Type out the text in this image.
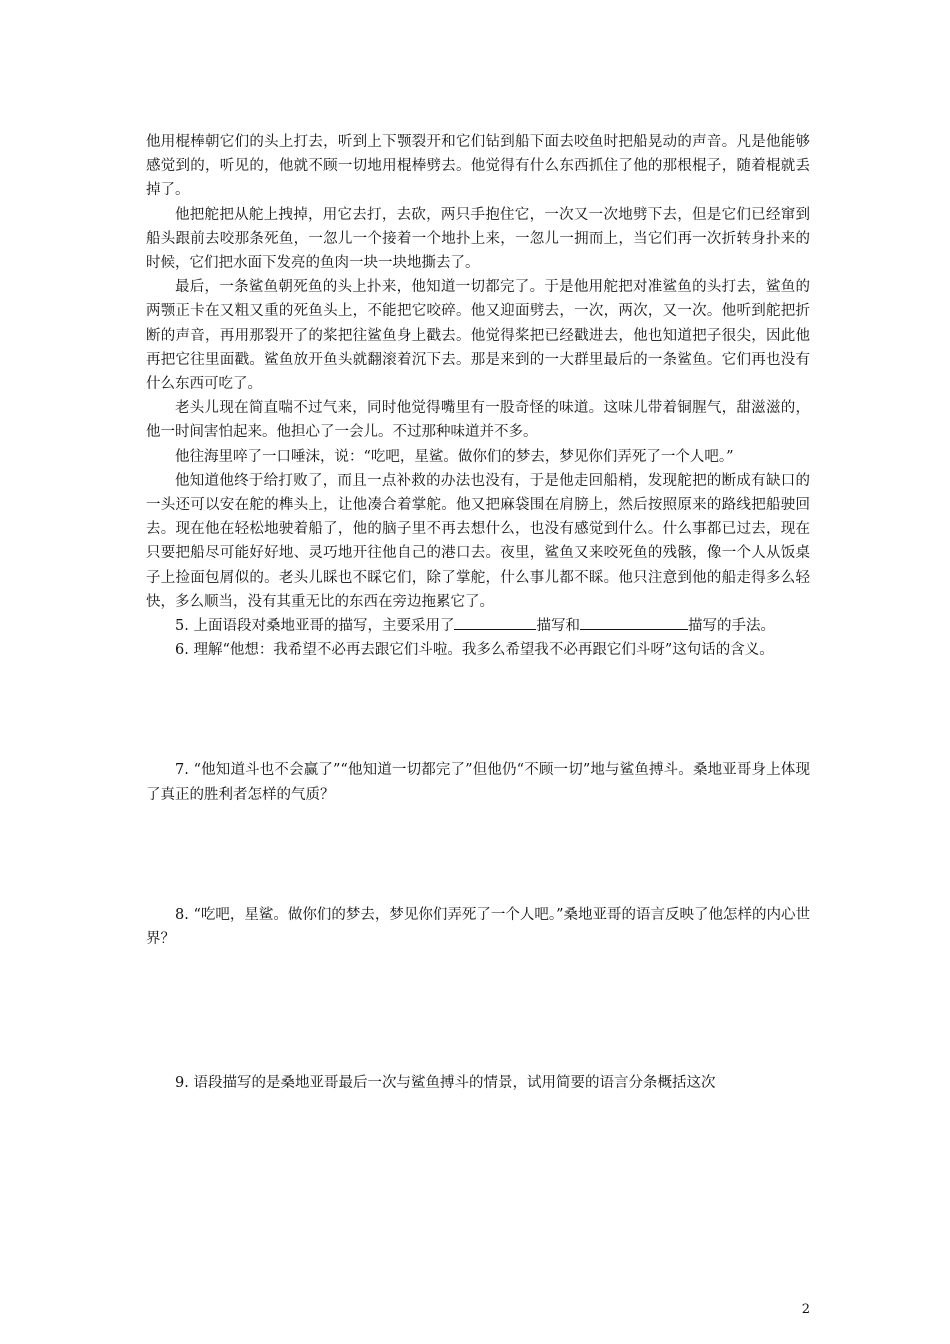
他用棍棒朝它们的头上打去，听到上下颚裂开和它们钻到船下面去咬鱼时把船晃动的声音。凡是他能够感觉到的，听见的，他就不顾一切地用棍棒劈去。他觉得有什么东西抓住了他的那根棍子，随着棍就丢掉了。

他把舵把从舵上拽掉，用它去打，去砍，两只手抱住它，一次又一次地劈下去，但是它们已经窜到船头跟前去咬那条死鱼，一忽儿一个接着一个地扑上来，一忽儿一拥而上，当它们再一次折转身扑来的时候，它们把水面下发亮的鱼肉一块一块地撕去了。

最后，一条鲨鱼朝死鱼的头上扑来，他知道一切都完了。于是他用舵把对准鲨鱼的头打去，鲨鱼的两颚正卡在又粗又重的死鱼头上，不能把它咬碎。他又迎面劈去，一次，两次，又一次。他听到舵把折断的声音，再用那裂开了的桨把往鲨鱼身上戳去。他觉得桨把已经戳进去，他也知道把子很尖，因此他再把它往里面戳。鲨鱼放开鱼头就翻滚着沉下去。那是来到的一大群里最后的一条鲨鱼。它们再也没有什么东西可吃了。

老头儿现在简直喘不过气来，同时他觉得嘴里有一股奇怪的味道。这味儿带着铜腥气，甜滋滋的，他一时间害怕起来。他担心了一会儿。不过那种味道并不多。

他往海里啐了一口唾沫，说：“吃吧，星鲨。做你们的梦去，梦见你们弄死了一个人吧。”

他知道他终于给打败了，而且一点补救的办法也没有，于是他走回船梢，发现舵把的断成有缺口的一头还可以安在舵的榫头上，让他凑合着掌舵。他又把麻袋围在肩膀上，然后按照原来的路线把船驶回去。现在他在轻松地驶着船了，他的脑子里不再去想什么，也没有感觉到什么。什么事都已过去，现在只要把船尽可能好好地、灵巧地开往他自己的港口去。夜里，鲨鱼又来咬死鱼的残骸，像一个人从饭桌子上捡面包屑似的。老头儿睬也不睬它们，除了掌舵，什么事儿都不睬。他只注意到他的船走得多么轻快，多么顺当，没有其重无比的东西在旁边拖累它了。

5. 上面语段对桑地亚哥的描写，主要采用了	描写和	描写的手法。

6. 理解“他想：我希望不必再去跟它们斗啦。我多么希望我不必再跟它们斗呀”这句话的含义。

7. “他知道斗也不会赢了”“他知道一切都完了”但他仍“不顾一切”地与鲨鱼搏斗。桑地亚哥身上体现了真正的胜利者怎样的气质？

8. “吃吧，星鲨。做你们的梦去，梦见你们弄死了一个人吧。”桑地亚哥的语言反映了他怎样的内心世界？

9. 语段描写的是桑地亚哥最后一次与鲨鱼搏斗的情景，试用简要的语言分条概括这次

2
